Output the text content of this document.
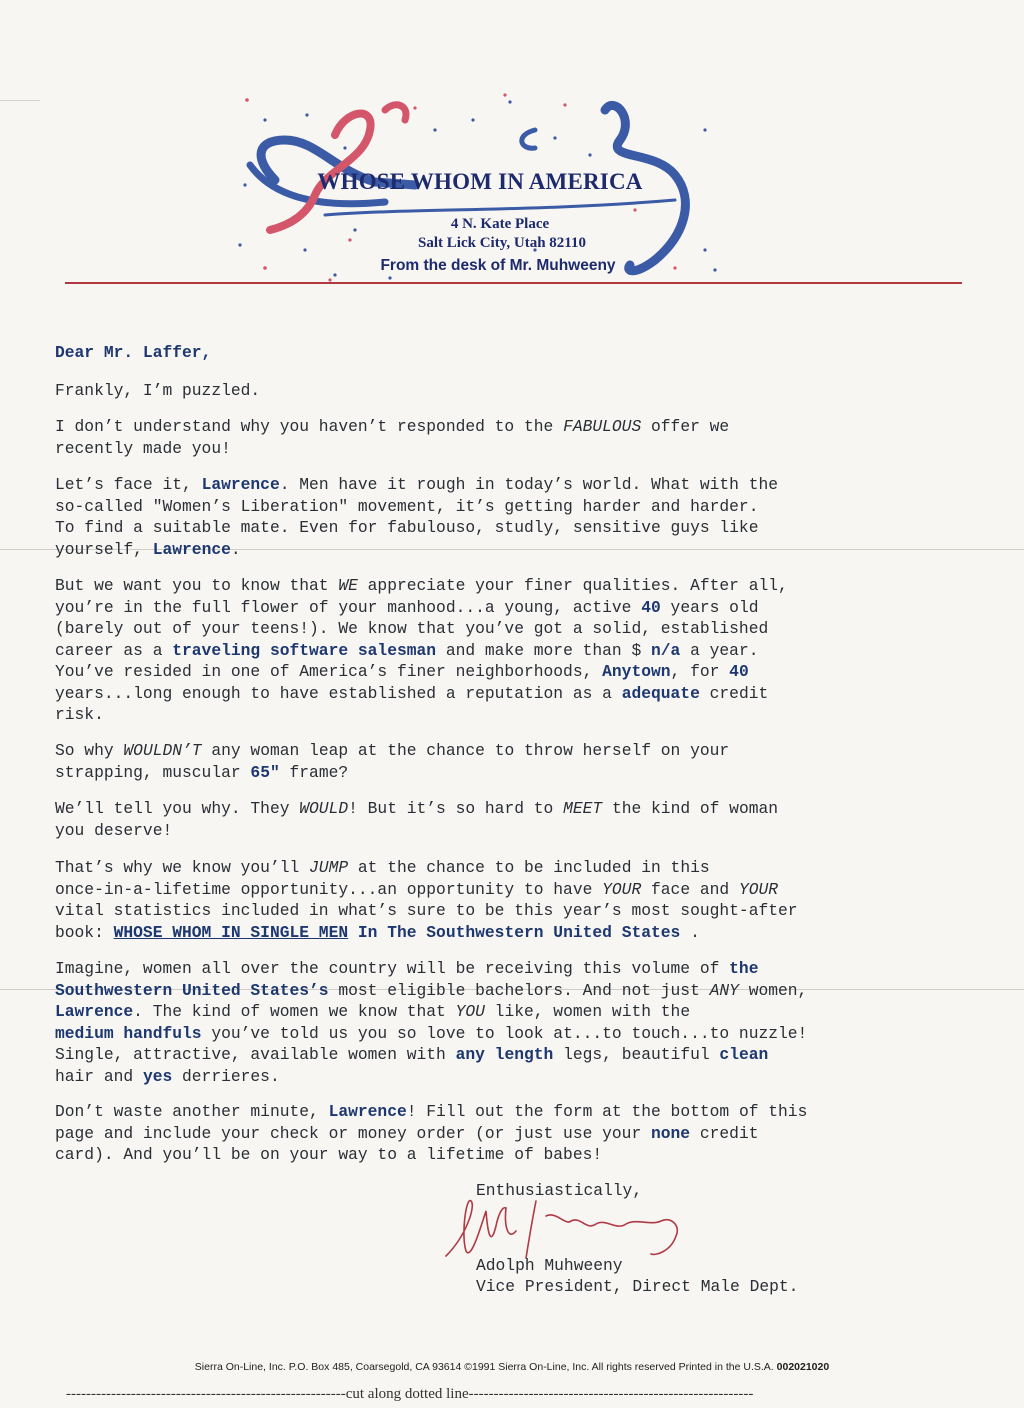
WHOSE WHOM IN AMERICA
4 N. Kate Place
Salt Lick City, Utah 82110
From the desk of Mr. Muhweeny

Dear Mr. Laffer,

Frankly, I’m puzzled.

I don’t understand why you haven’t responded to the FABULOUS offer we
recently made you!

Let’s face it, Lawrence. Men have it rough in today’s world. What with the
so-called "Women’s Liberation" movement, it’s getting harder and harder.
To find a suitable mate. Even for fabulouso, studly, sensitive guys like
yourself, Lawrence.

But we want you to know that WE appreciate your finer qualities. After all,
you’re in the full flower of your manhood...a young, active 40 years old
(barely out of your teens!). We know that you’ve got a solid, established
career as a traveling software salesman and make more than $ n/a a year.
You’ve resided in one of America’s finer neighborhoods, Anytown, for 40
years...long enough to have established a reputation as a adequate credit
risk.

So why WOULDN’T any woman leap at the chance to throw herself on your
strapping, muscular 65" frame?

We’ll tell you why. They WOULD! But it’s so hard to MEET the kind of woman
you deserve!

That’s why we know you’ll JUMP at the chance to be included in this
once-in-a-lifetime opportunity...an opportunity to have YOUR face and YOUR
vital statistics included in what’s sure to be this year’s most sought-after
book: WHOSE WHOM IN SINGLE MEN In The Southwestern United States .

Imagine, women all over the country will be receiving this volume of the
Southwestern United States’s most eligible bachelors. And not just ANY women,
Lawrence. The kind of women we know that YOU like, women with the
medium handfuls you’ve told us you so love to look at...to touch...to nuzzle!
Single, attractive, available women with any length legs, beautiful clean
hair and yes derrieres.

Don’t waste another minute, Lawrence! Fill out the form at the bottom of this
page and include your check or money order (or just use your none credit
card). And you’ll be on your way to a lifetime of babes!

Enthusiastically,
Adolph Muhweeny
Vice President, Direct Male Dept.
Sierra On-Line, Inc. P.O. Box 485, Coarsegold, CA 93614 ©1991 Sierra On-Line, Inc. All rights reserved Printed in the U.S.A. 002021020
--------------------------------------------------------cut along dotted line---------------------------------------------------------
